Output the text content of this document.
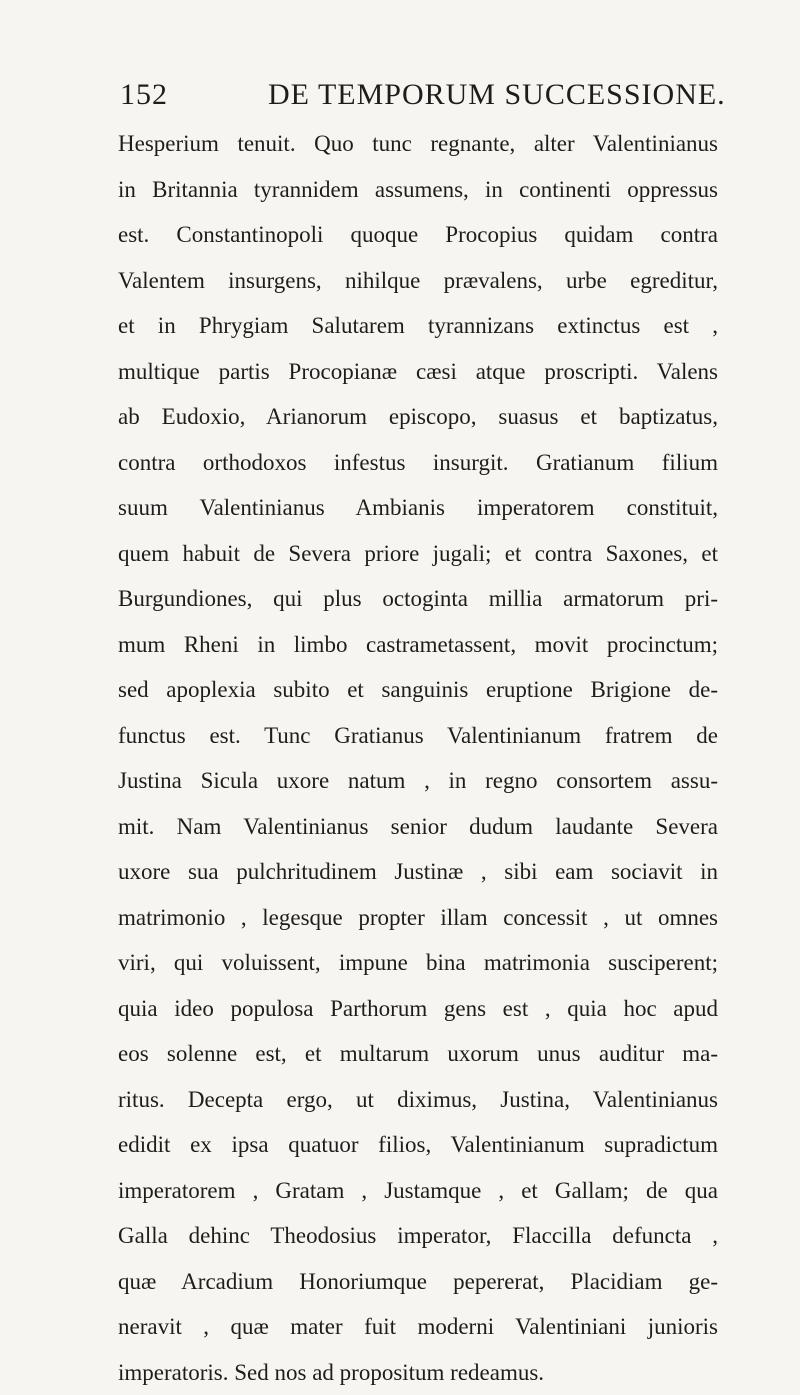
152	DE TEMPORUM SUCCESSIONE.
Hesperium tenuit. Quo tunc regnante, alter Valentinianus
in Britannia tyrannidem assumens, in continenti oppressus
est. Constantinopoli quoque Procopius quidam contra
Valentem insurgens, nihilque prævalens, urbe egreditur,
et in Phrygiam Salutarem tyrannizans extinctus est ,
multique partis Procopianæ cæsi atque proscripti. Valens
ab Eudoxio, Arianorum episcopo, suasus et baptizatus,
contra orthodoxos infestus insurgit. Gratianum filium
suum Valentinianus Ambianis imperatorem constituit,
quem habuit de Severa priore jugali; et contra Saxones, et
Burgundiones, qui plus octoginta millia armatorum pri-
mum Rheni in limbo castrametassent, movit procinctum;
sed apoplexia subito et sanguinis eruptione Brigione de-
functus est. Tunc Gratianus Valentinianum fratrem de
Justina Sicula uxore natum , in regno consortem assu-
mit. Nam Valentinianus senior dudum laudante Severa
uxore sua pulchritudinem Justinæ , sibi eam sociavit in
matrimonio , legesque propter illam concessit , ut omnes
viri, qui voluissent, impune bina matrimonia susciperent;
quia ideo populosa Parthorum gens est , quia hoc apud
eos solenne est, et multarum uxorum unus auditur ma-
ritus. Decepta ergo, ut diximus, Justina, Valentinianus
edidit ex ipsa quatuor filios, Valentinianum supradictum
imperatorem , Gratam , Justamque , et Gallam; de qua
Galla dehinc Theodosius imperator, Flaccilla defuncta ,
quæ Arcadium Honoriumque pepererat, Placidiam ge-
neravit , quæ mater fuit moderni Valentiniani junioris
imperatoris. Sed nos ad propositum redeamus.
